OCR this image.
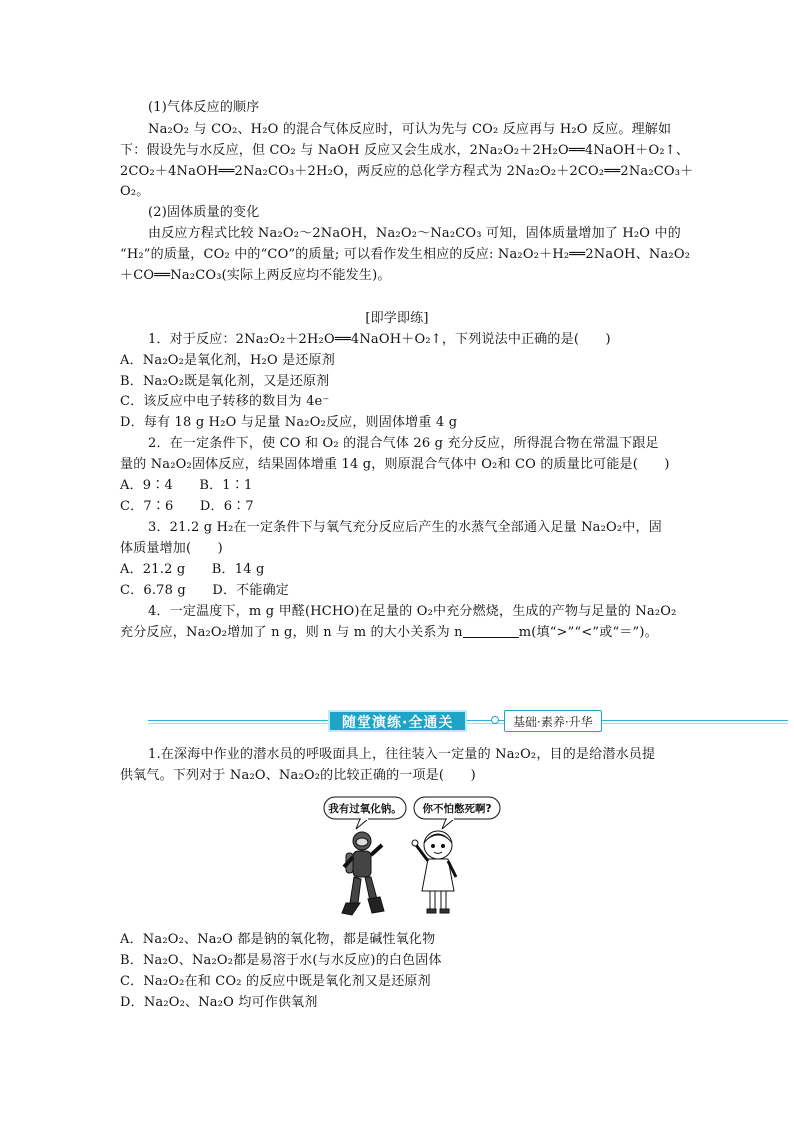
(1)气体反应的顺序
Na₂O₂ 与 CO₂、H₂O 的混合气体反应时，可认为先与 CO₂ 反应再与 H₂O 反应。理解如
下：假设先与水反应，但 CO₂ 与 NaOH 反应又会生成水，2Na₂O₂＋2H₂O══4NaOH＋O₂↑、
2CO₂＋4NaOH══2Na₂CO₃＋2H₂O，两反应的总化学方程式为 2Na₂O₂＋2CO₂══2Na₂CO₃＋
O₂。
(2)固体质量的变化
由反应方程式比较 Na₂O₂～2NaOH，Na₂O₂～Na₂CO₃ 可知，固体质量增加了 H₂O 中的
“H₂”的质量，CO₂ 中的“CO”的质量; 可以看作发生相应的反应: Na₂O₂＋H₂══2NaOH、Na₂O₂
＋CO══Na₂CO₃(实际上两反应均不能发生)。
[即学即练]
1．对于反应：2Na₂O₂＋2H₂O══4NaOH＋O₂↑，下列说法中正确的是(　　)
A．Na₂O₂是氧化剂，H₂O 是还原剂
B．Na₂O₂既是氧化剂，又是还原剂
C．该反应中电子转移的数目为 4e⁻
D．每有 18 g H₂O 与足量 Na₂O₂反应，则固体增重 4 g
2．在一定条件下，使 CO 和 O₂ 的混合气体 26 g 充分反应，所得混合物在常温下跟足
量的 Na₂O₂固体反应，结果固体增重 14 g，则原混合气体中 O₂和 CO 的质量比可能是(　　)
A．9∶4　　B．1∶1
C．7∶6　　D．6∶7
3．21.2 g H₂在一定条件下与氧气充分反应后产生的水蒸气全部通入足量 Na₂O₂中，固
体质量增加(　　)
A．21.2 g　　B．14 g
C．6.78 g　　D．不能确定
4．一定温度下，m g 甲醛(HCHO)在足量的 O₂中充分燃烧，生成的产物与足量的 Na₂O₂
充分反应，Na₂O₂增加了 n g，则 n 与 m 的大小关系为 n	m(填“>”“<”或“＝”)。
随堂演练·全通关	基础·素养·升华
1.在深海中作业的潜水员的呼吸面具上，往往装入一定量的 Na₂O₂，目的是给潜水员提
供氧气。下列对于 Na₂O、Na₂O₂的比较正确的一项是(　　)
我有过氧化钠。 你不怕憋死啊?
A．Na₂O₂、Na₂O 都是钠的氧化物，都是碱性氧化物
B．Na₂O、Na₂O₂都是易溶于水(与水反应)的白色固体
C．Na₂O₂在和 CO₂ 的反应中既是氧化剂又是还原剂
D．Na₂O₂、Na₂O 均可作供氧剂
